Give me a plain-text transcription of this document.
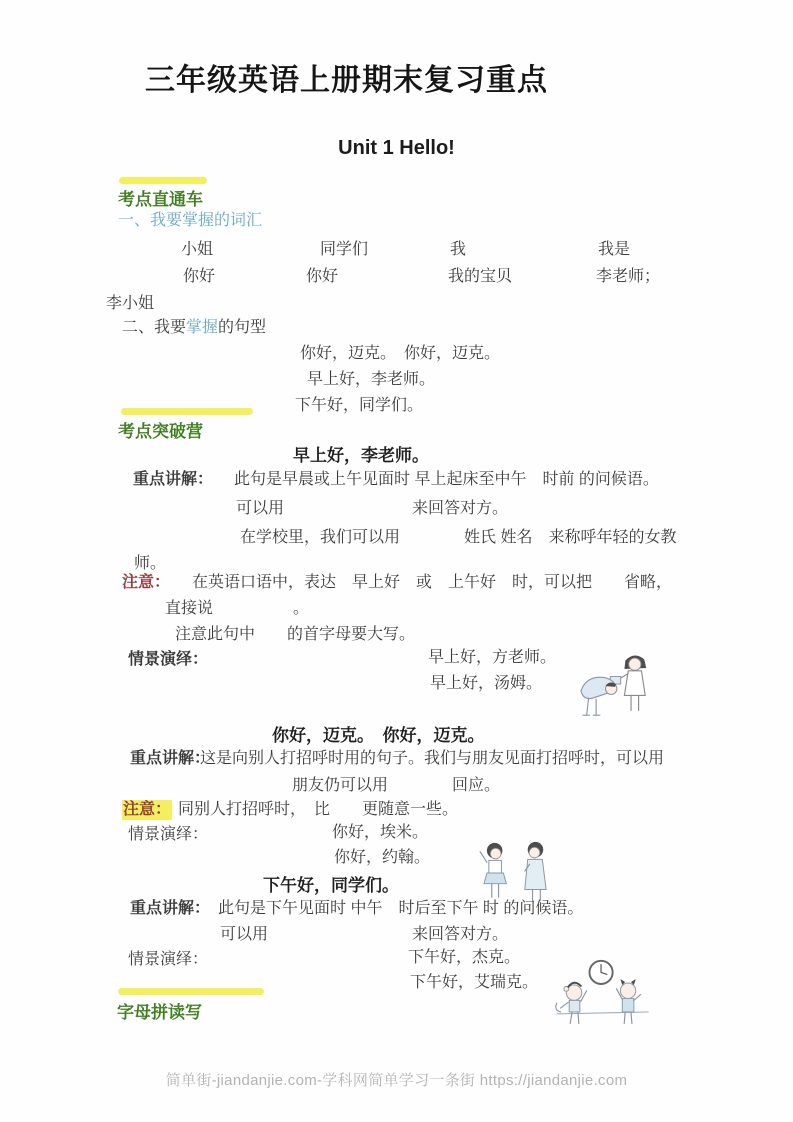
三年级英语上册期末复习重点
Unit 1 Hello!
考点直通车
一、我要掌握的词汇
小姐	同学们	我	我是
你好	你好	我的宝贝	李老师；
李小姐
二、我要掌握的句型
你好，迈克。　你好，迈克。
早上好，李老师。
下午好，同学们。
考点突破营
早上好，李老师。
重点讲解： 此句是早晨或上午见面时 早上起床至中午　时前 的问候语。
可以用　　　　　　　　来回答对方。
在学校里，我们可以用　　　　姓氏 姓名　来称呼年轻的女教
师。
注意： 在英语口语中，表达　早上好　或　上午好　时，可以把　　省略，
直接说　　　　　。
注意此句中　　的首字母要大写。
情景演绎：	早上好，方老师。
早上好，汤姆。

你好，迈克。　你好，迈克。
重点讲解：
这是向别人打招呼时用的句子。我们与朋友见面打招呼时，可以用
朋友仍可以用　　　　回应。
注意： 同别人打招呼时，　比　　更随意一些。
情景演绎：	你好，埃米。
你好，约翰。

下午好，同学们。
重点讲解： 此句是下午见面时 中午　时后至下午 时 的问候语。
可以用　　　　　　　　　来回答对方。
情景演绎：	下午好，杰克。
下午好，艾瑞克。

字母拼读写
简单街-jiandanjie.com-学科网简单学习一条街 https://jiandanjie.com
